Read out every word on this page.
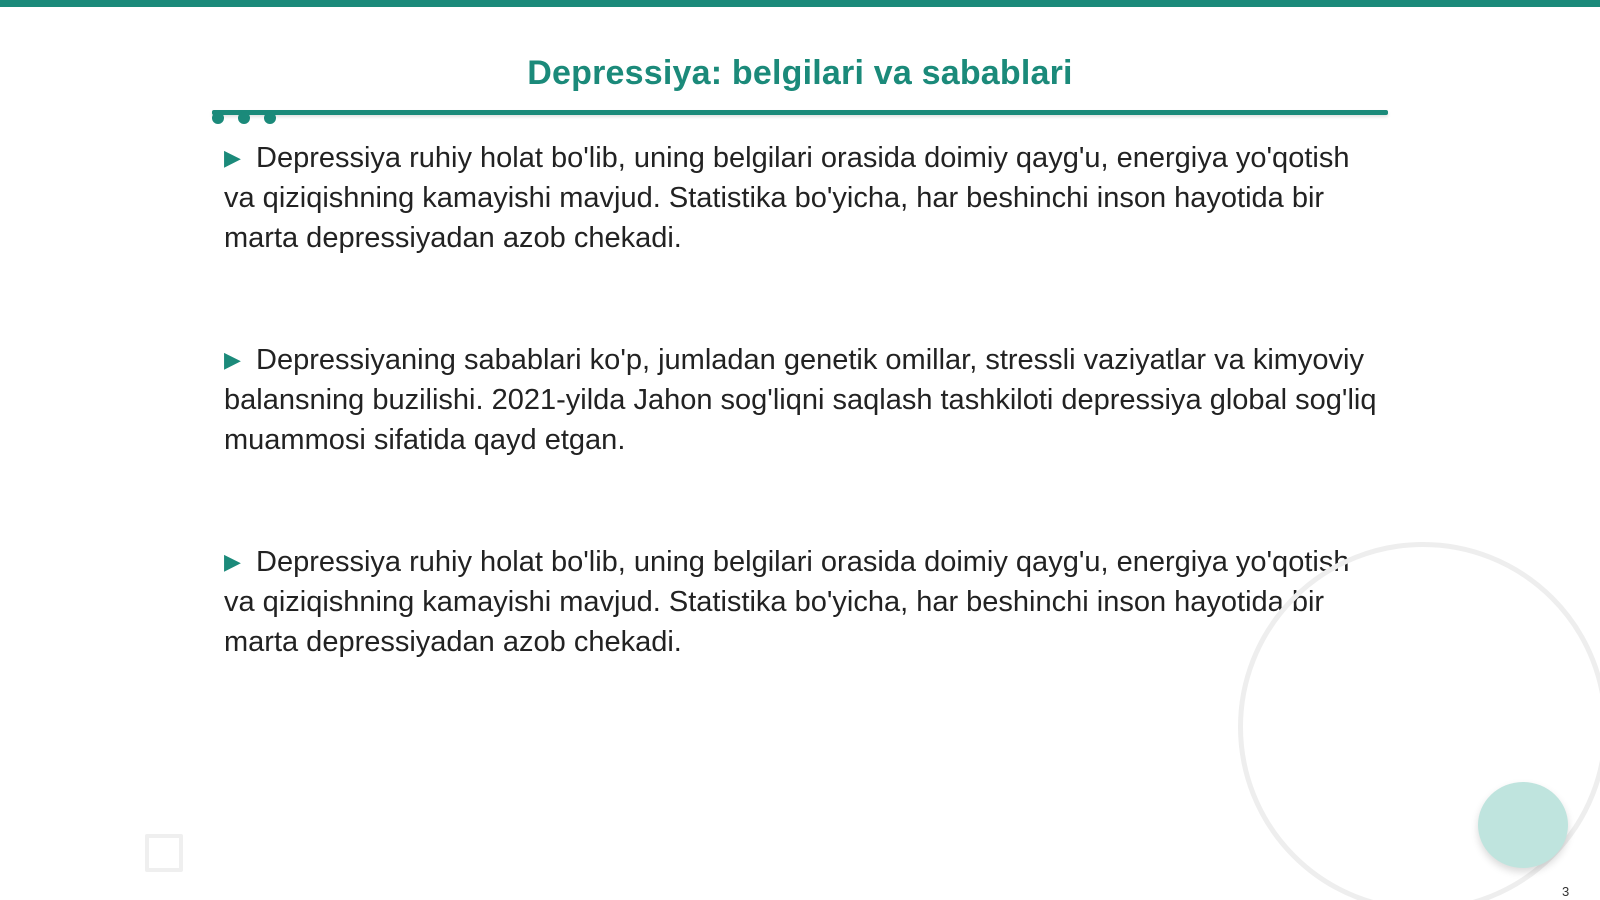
Depressiya: belgilari va sabablari

▶ Depressiya ruhiy holat bo'lib, uning belgilari orasida doimiy qayg'u, energiya yo'qotish va qiziqishning kamayishi mavjud. Statistika bo'yicha, har beshinchi inson hayotida bir marta depressiyadan azob chekadi.

▶ Depressiyaning sabablari ko'p, jumladan genetik omillar, stressli vaziyatlar va kimyoviy balansning buzilishi. 2021-yilda Jahon sog'liqni saqlash tashkiloti depressiya global sog'liq muammosi sifatida qayd etgan.

▶ Depressiya ruhiy holat bo'lib, uning belgilari orasida doimiy qayg'u, energiya yo'qotish va qiziqishning kamayishi mavjud. Statistika bo'yicha, har beshinchi inson hayotida bir marta depressiyadan azob chekadi.

3
